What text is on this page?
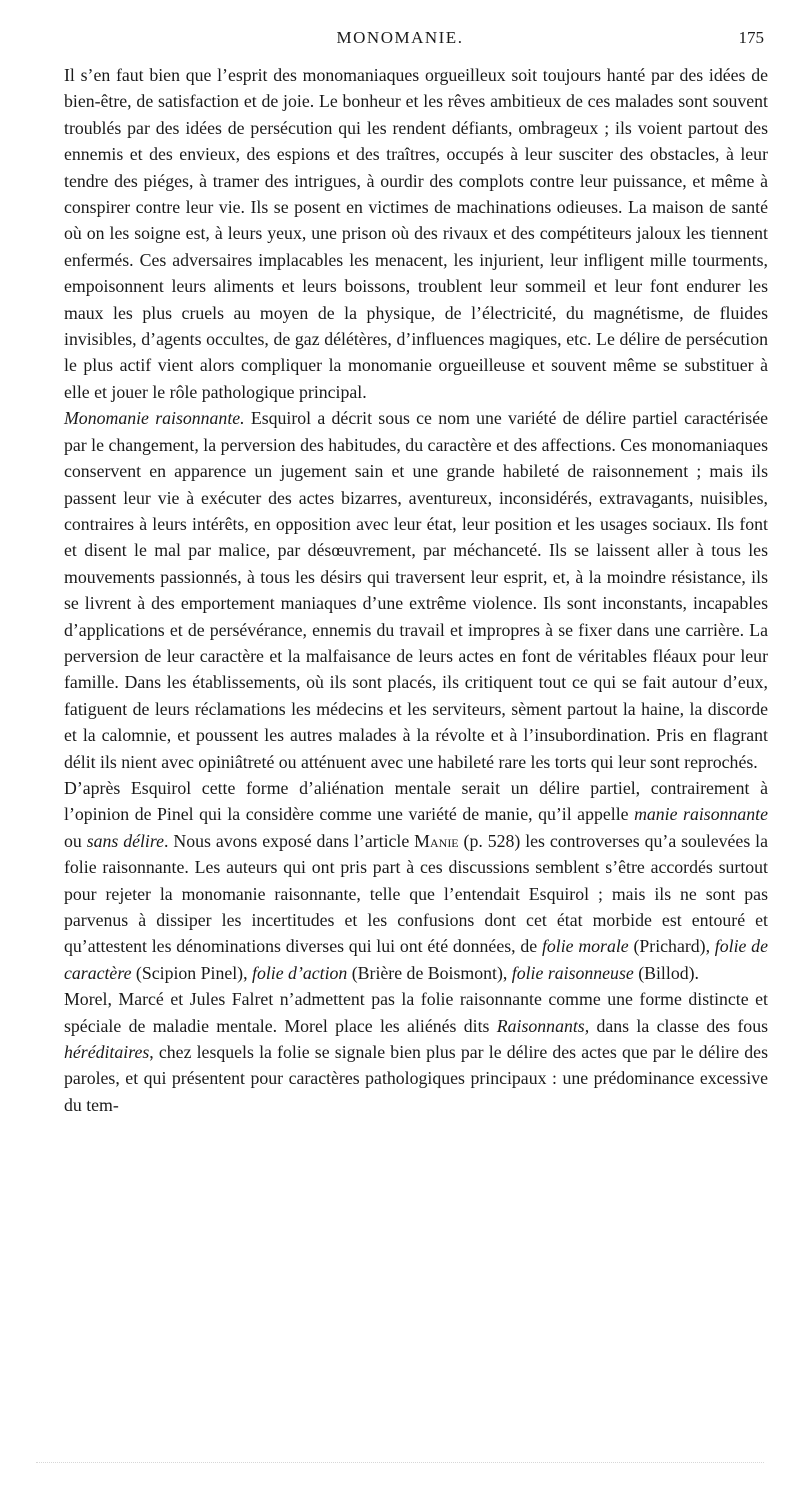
MONOMANIE.	175

Il s’en faut bien que l’esprit des monomaniaques orgueilleux soit toujours hanté par des idées de bien-être, de satisfaction et de joie. Le bonheur et les rêves ambitieux de ces malades sont souvent troublés par des idées de persécution qui les rendent défiants, ombrageux ; ils voient partout des ennemis et des envieux, des espions et des traîtres, occupés à leur susciter des obstacles, à leur tendre des piéges, à tramer des intrigues, à ourdir des complots contre leur puissance, et même à conspirer contre leur vie. Ils se posent en victimes de machinations odieuses. La maison de santé où on les soigne est, à leurs yeux, une prison où des rivaux et des compétiteurs jaloux les tiennent enfermés. Ces adversaires implacables les menacent, les injurient, leur infligent mille tourments, empoisonnent leurs aliments et leurs boissons, troublent leur sommeil et leur font endurer les maux les plus cruels au moyen de la physique, de l’électricité, du magnétisme, de fluides invisibles, d’agents occultes, de gaz délétères, d’influences magiques, etc. Le délire de persécution le plus actif vient alors compliquer la monomanie orgueilleuse et souvent même se substituer à elle et jouer le rôle pathologique principal.

Monomanie raisonnante. Esquirol a décrit sous ce nom une variété de délire partiel caractérisée par le changement, la perversion des habitudes, du caractère et des affections. Ces monomaniaques conservent en apparence un jugement sain et une grande habileté de raisonnement ; mais ils passent leur vie à exécuter des actes bizarres, aventureux, inconsidérés, extravagants, nuisibles, contraires à leurs intérêts, en opposition avec leur état, leur position et les usages sociaux. Ils font et disent le mal par malice, par désœuvrement, par méchanceté. Ils se laissent aller à tous les mouvements passionnés, à tous les désirs qui traversent leur esprit, et, à la moindre résistance, ils se livrent à des emportement maniaques d’une extrême violence. Ils sont inconstants, incapables d’applications et de persévérance, ennemis du travail et impropres à se fixer dans une carrière. La perversion de leur caractère et la malfaisance de leurs actes en font de véritables fléaux pour leur famille. Dans les établissements, où ils sont placés, ils critiquent tout ce qui se fait autour d’eux, fatiguent de leurs réclamations les médecins et les serviteurs, sèment partout la haine, la discorde et la calomnie, et poussent les autres malades à la révolte et à l’insubordination. Pris en flagrant délit ils nient avec opiniâtreté ou atténuent avec une habileté rare les torts qui leur sont reprochés.

D’après Esquirol cette forme d’aliénation mentale serait un délire partiel, contrairement à l’opinion de Pinel qui la considère comme une variété de manie, qu’il appelle manie raisonnante ou sans délire. Nous avons exposé dans l’article Manie (p. 528) les controverses qu’a soulevées la folie raisonnante. Les auteurs qui ont pris part à ces discussions semblent s’être accordés surtout pour rejeter la monomanie raisonnante, telle que l’entendait Esquirol ; mais ils ne sont pas parvenus à dissiper les incertitudes et les confusions dont cet état morbide est entouré et qu’attestent les dénominations diverses qui lui ont été données, de folie morale (Prichard), folie de caractère (Scipion Pinel), folie d’action (Brière de Boismont), folie raisonneuse (Billod).

Morel, Marcé et Jules Falret n’admettent pas la folie raisonnante comme une forme distincte et spéciale de maladie mentale. Morel place les aliénés dits Raisonnants, dans la classe des fous héréditaires, chez lesquels la folie se signale bien plus par le délire des actes que par le délire des paroles, et qui présentent pour caractères pathologiques principaux : une prédominance excessive du tem-
